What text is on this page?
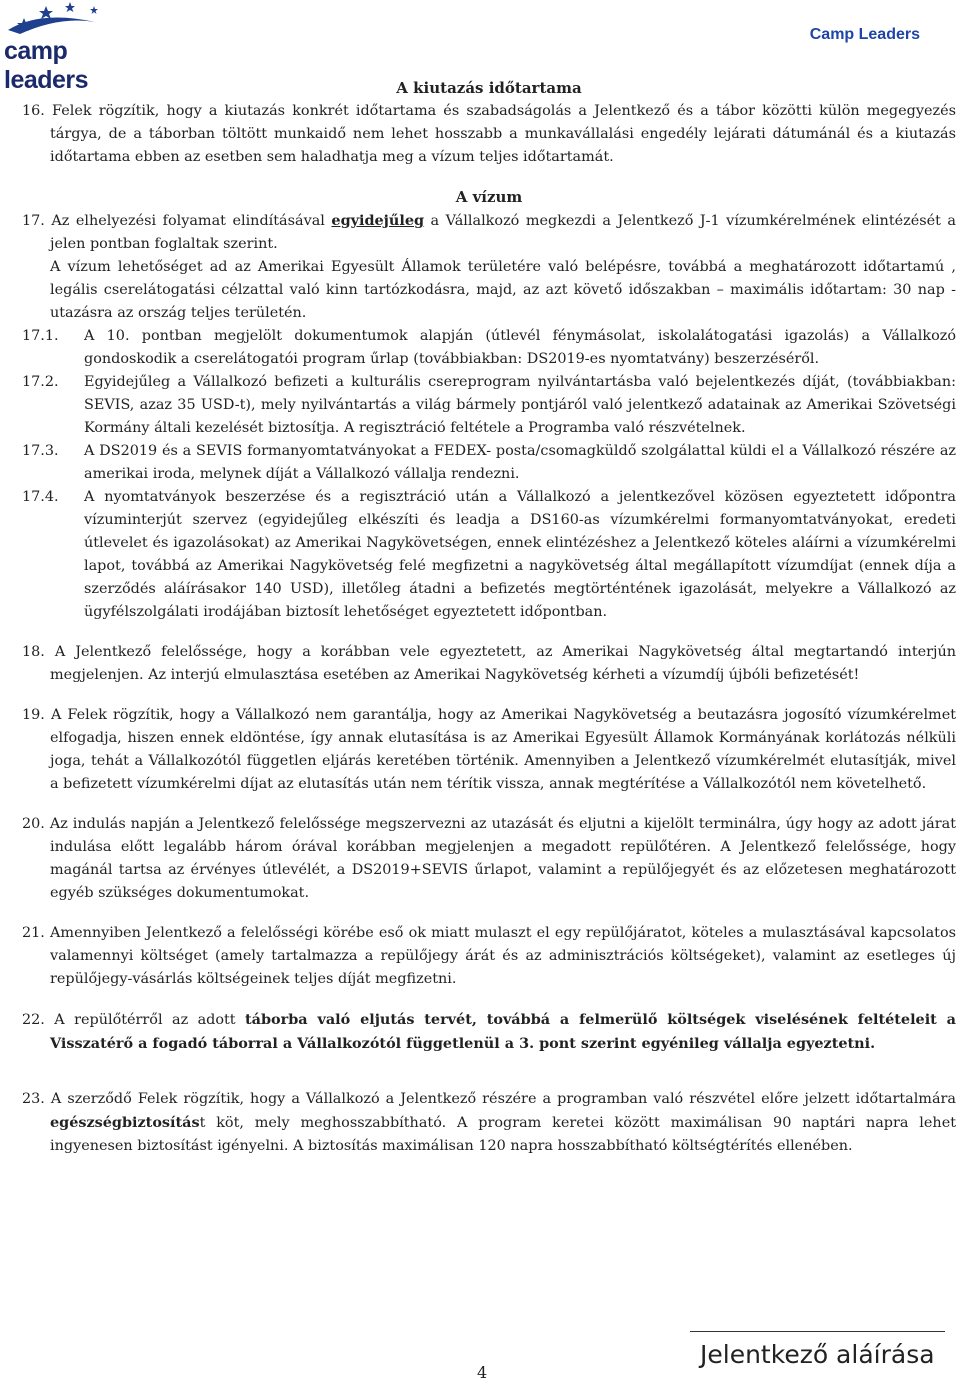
camp leaders
Camp Leaders

A kiutazás időtartama

16. Felek rögzítik, hogy a kiutazás konkrét időtartama és szabadságolás a Jelentkező és a tábor közötti külön megegyezés tárgya, de a táborban töltött munkaidő nem lehet hosszabb a munkavállalási engedély lejárati dátumánál és a kiutazás időtartama ebben az esetben sem haladhatja meg a vízum teljes időtartamát.

A vízum

17. Az elhelyezési folyamat elindításával egyidejűleg a Vállalkozó megkezdi a Jelentkező J-1 vízumkérelmének elintézését a jelen pontban foglaltak szerint.

A vízum lehetőséget ad az Amerikai Egyesült Államok területére való belépésre, továbbá a meghatározott időtartamú , legális cserelátogatási célzattal való kinn tartózkodásra, majd, az azt követő időszakban – maximális időtartam: 30 nap - utazásra az ország teljes területén.

17.1.	A 10. pontban megjelölt dokumentumok alapján (útlevél fénymásolat, iskolalátogatási igazolás) a Vállalkozó gondoskodik a cserelátogatói program űrlap (továbbiakban: DS2019-es nyomtatvány) beszerzéséről.
17.2.	Egyidejűleg a Vállalkozó befizeti a kulturális csereprogram nyilvántartásba való bejelentkezés díját, (továbbiakban: SEVIS, azaz 35 USD-t), mely nyilvántartás a világ bármely pontjáról való jelentkező adatainak az Amerikai Szövetségi Kormány általi kezelését biztosítja. A regisztráció feltétele a Programba való részvételnek.
17.3.	A DS2019 és a SEVIS formanyomtatványokat a FEDEX- posta/csomagküldő szolgálattal küldi el a Vállalkozó részére az amerikai iroda, melynek díját a Vállalkozó vállalja rendezni.
17.4.	A nyomtatványok beszerzése és a regisztráció után a Vállalkozó a jelentkezővel közösen egyeztetett időpontra vízuminterjút szervez (egyidejűleg elkészíti és leadja a DS160-as vízumkérelmi formanyomtatványokat, eredeti útlevelet és igazolásokat) az Amerikai Nagykövetségen, ennek elintézéshez a Jelentkező köteles aláírni a vízumkérelmi lapot, továbbá az Amerikai Nagykövetség felé megfizetni a nagykövetség által megállapított vízumdíjat (ennek díja a szerződés aláírásakor 140 USD), illetőleg átadni a befizetés megtörténtének igazolását, melyekre a Vállalkozó az ügyfélszolgálati irodájában biztosít lehetőséget egyeztetett időpontban.

18. A Jelentkező felelőssége, hogy a korábban vele egyeztetett, az Amerikai Nagykövetség által megtartandó interjún megjelenjen. Az interjú elmulasztása esetében az Amerikai Nagykövetség kérheti a vízumdíj újbóli befizetését!

19. A Felek rögzítik, hogy a Vállalkozó nem garantálja, hogy az Amerikai Nagykövetség a beutazásra jogosító vízumkérelmet elfogadja, hiszen ennek eldöntése, így annak elutasítása is az Amerikai Egyesült Államok Kormányának korlátozás nélküli joga, tehát a Vállalkozótól független eljárás keretében történik. Amennyiben a Jelentkező vízumkérelmét elutasítják, mivel a befizetett vízumkérelmi díjat az elutasítás után nem térítik vissza, annak megtérítése a Vállalkozótól nem követelhető.

20. Az indulás napján a Jelentkező felelőssége megszervezni az utazását és eljutni a kijelölt terminálra, úgy hogy az adott járat indulása előtt legalább három órával korábban megjelenjen a megadott repülőtéren. A Jelentkező felelőssége, hogy magánál tartsa az érvényes útlevélét, a DS2019+SEVIS űrlapot, valamint a repülőjegyét és az előzetesen meghatározott egyéb szükséges dokumentumokat.

21. Amennyiben Jelentkező a felelősségi körébe eső ok miatt mulaszt el egy repülőjáratot, köteles a mulasztásával kapcsolatos valamennyi költséget (amely tartalmazza a repülőjegy árát és az adminisztrációs költségeket), valamint az esetleges új repülőjegy-vásárlás költségeinek teljes díját megfizetni.

22. A repülőtérről az adott táborba való eljutás tervét, továbbá a felmerülő költségek viselésének feltételeit a Visszatérő a fogadó táborral a Vállalkozótól függetlenül a 3. pont szerint egyénileg vállalja egyeztetni.

23. A szerződő Felek rögzítik, hogy a Vállalkozó a Jelentkező részére a programban való részvétel előre jelzett időtartalmára egészségbiztosítást köt, mely meghosszabbítható. A program keretei között maximálisan 90 naptári napra lehet ingyenesen biztosítást igényelni. A biztosítás maximálisan 120 napra hosszabbítható költségtérítés ellenében.

Jelentkező aláírása
4
